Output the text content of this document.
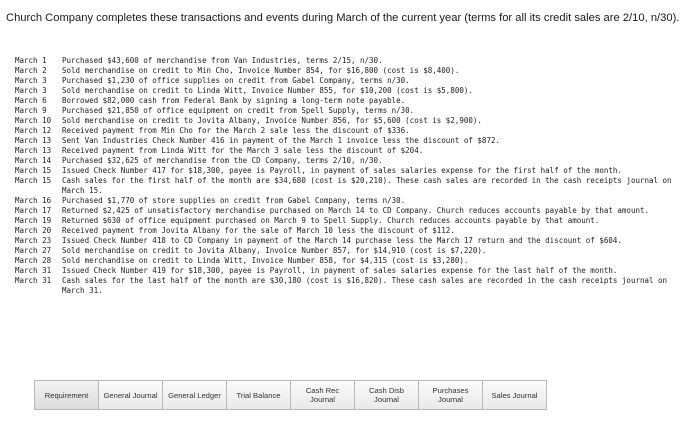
Church Company completes these transactions and events during March of the current year (terms for all its credit sales are 2/10, n/30).
March 1	Purchased $43,600 of merchandise from Van Industries, terms 2/15, n/30.
March 2	Sold merchandise on credit to Min Cho, Invoice Number 854, for $16,800 (cost is $8,400).
March 3	Purchased $1,230 of office supplies on credit from Gabel Company, terms n/30.
March 3	Sold merchandise on credit to Linda Witt, Invoice Number 855, for $10,200 (cost is $5,800).
March 6	Borrowed $82,000 cash from Federal Bank by signing a long-term note payable.
March 9	Purchased $21,850 of office equipment on credit from Spell Supply, terms n/30.
March 10	Sold merchandise on credit to Jovita Albany, Invoice Number 856, for $5,600 (cost is $2,900).
March 12	Received payment from Min Cho for the March 2 sale less the discount of $336.
March 13	Sent Van Industries Check Number 416 in payment of the March 1 invoice less the discount of $872.
March 13	Received payment from Linda Witt for the March 3 sale less the discount of $204.
March 14	Purchased $32,625 of merchandise from the CD Company, terms 2/10, n/30.
March 15	Issued Check Number 417 for $18,300, payee is Payroll, in payment of sales salaries expense for the first half of the month.
March 15	Cash sales for the first half of the month are $34,680 (cost is $20,210). These cash sales are recorded in the cash receipts journal on March 15.
March 16	Purchased $1,770 of store supplies on credit from Gabel Company, terms n/30.
March 17	Returned $2,425 of unsatisfactory merchandise purchased on March 14 to CD Company. Church reduces accounts payable by that amount.
March 19	Returned $630 of office equipment purchased on March 9 to Spell Supply. Church reduces accounts payable by that amount.
March 20	Received payment from Jovita Albany for the sale of March 10 less the discount of $112.
March 23	Issued Check Number 418 to CD Company in payment of the March 14 purchase less the March 17 return and the discount of $604.
March 27	Sold merchandise on credit to Jovita Albany, Invoice Number 857, for $14,910 (cost is $7,220).
March 28	Sold merchandise on credit to Linda Witt, Invoice Number 858, for $4,315 (cost is $3,280).
March 31	Issued Check Number 419 for $18,300, payee is Payroll, in payment of sales salaries expense for the last half of the month.
March 31	Cash sales for the last half of the month are $30,180 (cost is $16,820). These cash sales are recorded in the cash receipts journal on March 31.
Requirement	General Journal	General Ledger	Trial Balance	Cash Rec Journal
Cash Disb Journal
Purchases Journal	Sales Journal
